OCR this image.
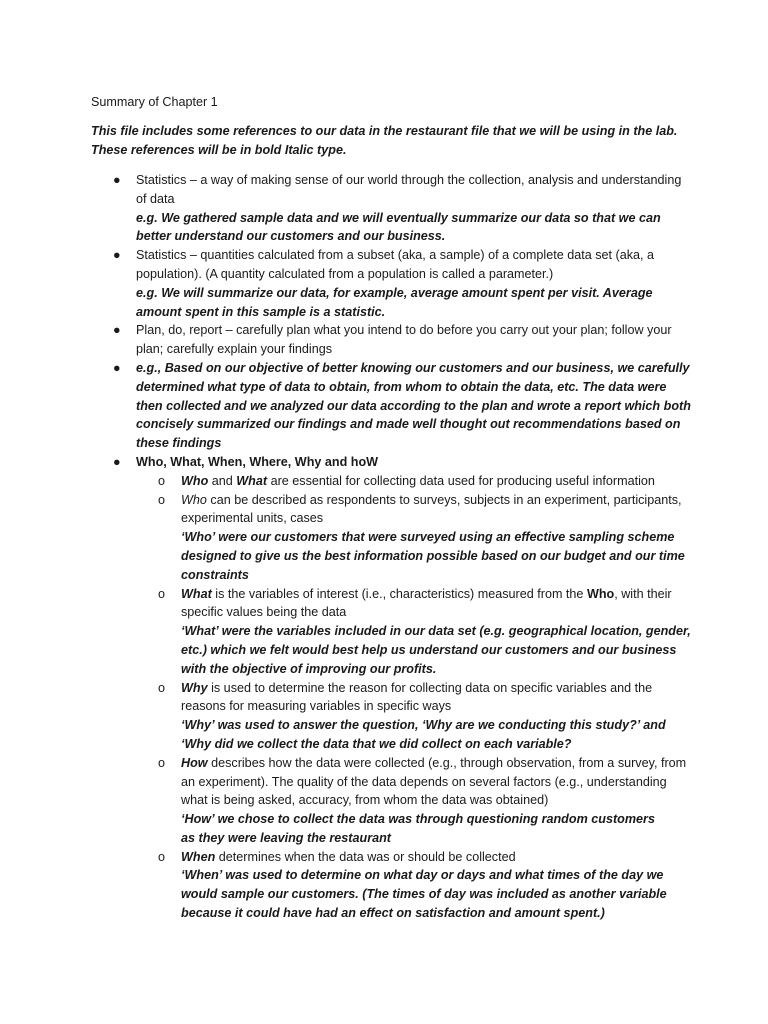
Summary of Chapter 1
This file includes some references to our data in the restaurant file that we will be using in the lab. These references will be in bold Italic type.
● Statistics – a way of making sense of our world through the collection, analysis and understanding of data
e.g. We gathered sample data and we will eventually summarize our data so that we can better understand our customers and our business.
● Statistics – quantities calculated from a subset (aka, a sample) of a complete data set (aka, a population). (A quantity calculated from a population is called a parameter.)
e.g. We will summarize our data, for example, average amount spent per visit. Average amount spent in this sample is a statistic.
● Plan, do, report – carefully plan what you intend to do before you carry out your plan; follow your plan; carefully explain your findings
● e.g., Based on our objective of better knowing our customers and our business, we carefully determined what type of data to obtain, from whom to obtain the data, etc. The data were then collected and we analyzed our data according to the plan and wrote a report which both concisely summarized our findings and made well thought out recommendations based on these findings
● Who, What, When, Where, Why and hoW
o Who and What are essential for collecting data used for producing useful information
o Who can be described as respondents to surveys, subjects in an experiment, participants, experimental units, cases
‘Who’ were our customers that were surveyed using an effective sampling scheme designed to give us the best information possible based on our budget and our time constraints
o What is the variables of interest (i.e., characteristics) measured from the Who, with their specific values being the data
‘What’ were the variables included in our data set (e.g. geographical location, gender, etc.) which we felt would best help us understand our customers and our business with the objective of improving our profits.
o Why is used to determine the reason for collecting data on specific variables and the reasons for measuring variables in specific ways
‘Why’ was used to answer the question, ‘Why are we conducting this study?’ and ‘Why did we collect the data that we did collect on each variable?
o How describes how the data were collected (e.g., through observation, from a survey, from an experiment). The quality of the data depends on several factors (e.g., understanding what is being asked, accuracy, from whom the data was obtained)
‘How’ we chose to collect the data was through questioning random customers
as they were leaving the restaurant
o When determines when the data was or should be collected
‘When’ was used to determine on what day or days and what times of the day we would sample our customers. (The times of day was included as another variable because it could have had an effect on satisfaction and amount spent.)
